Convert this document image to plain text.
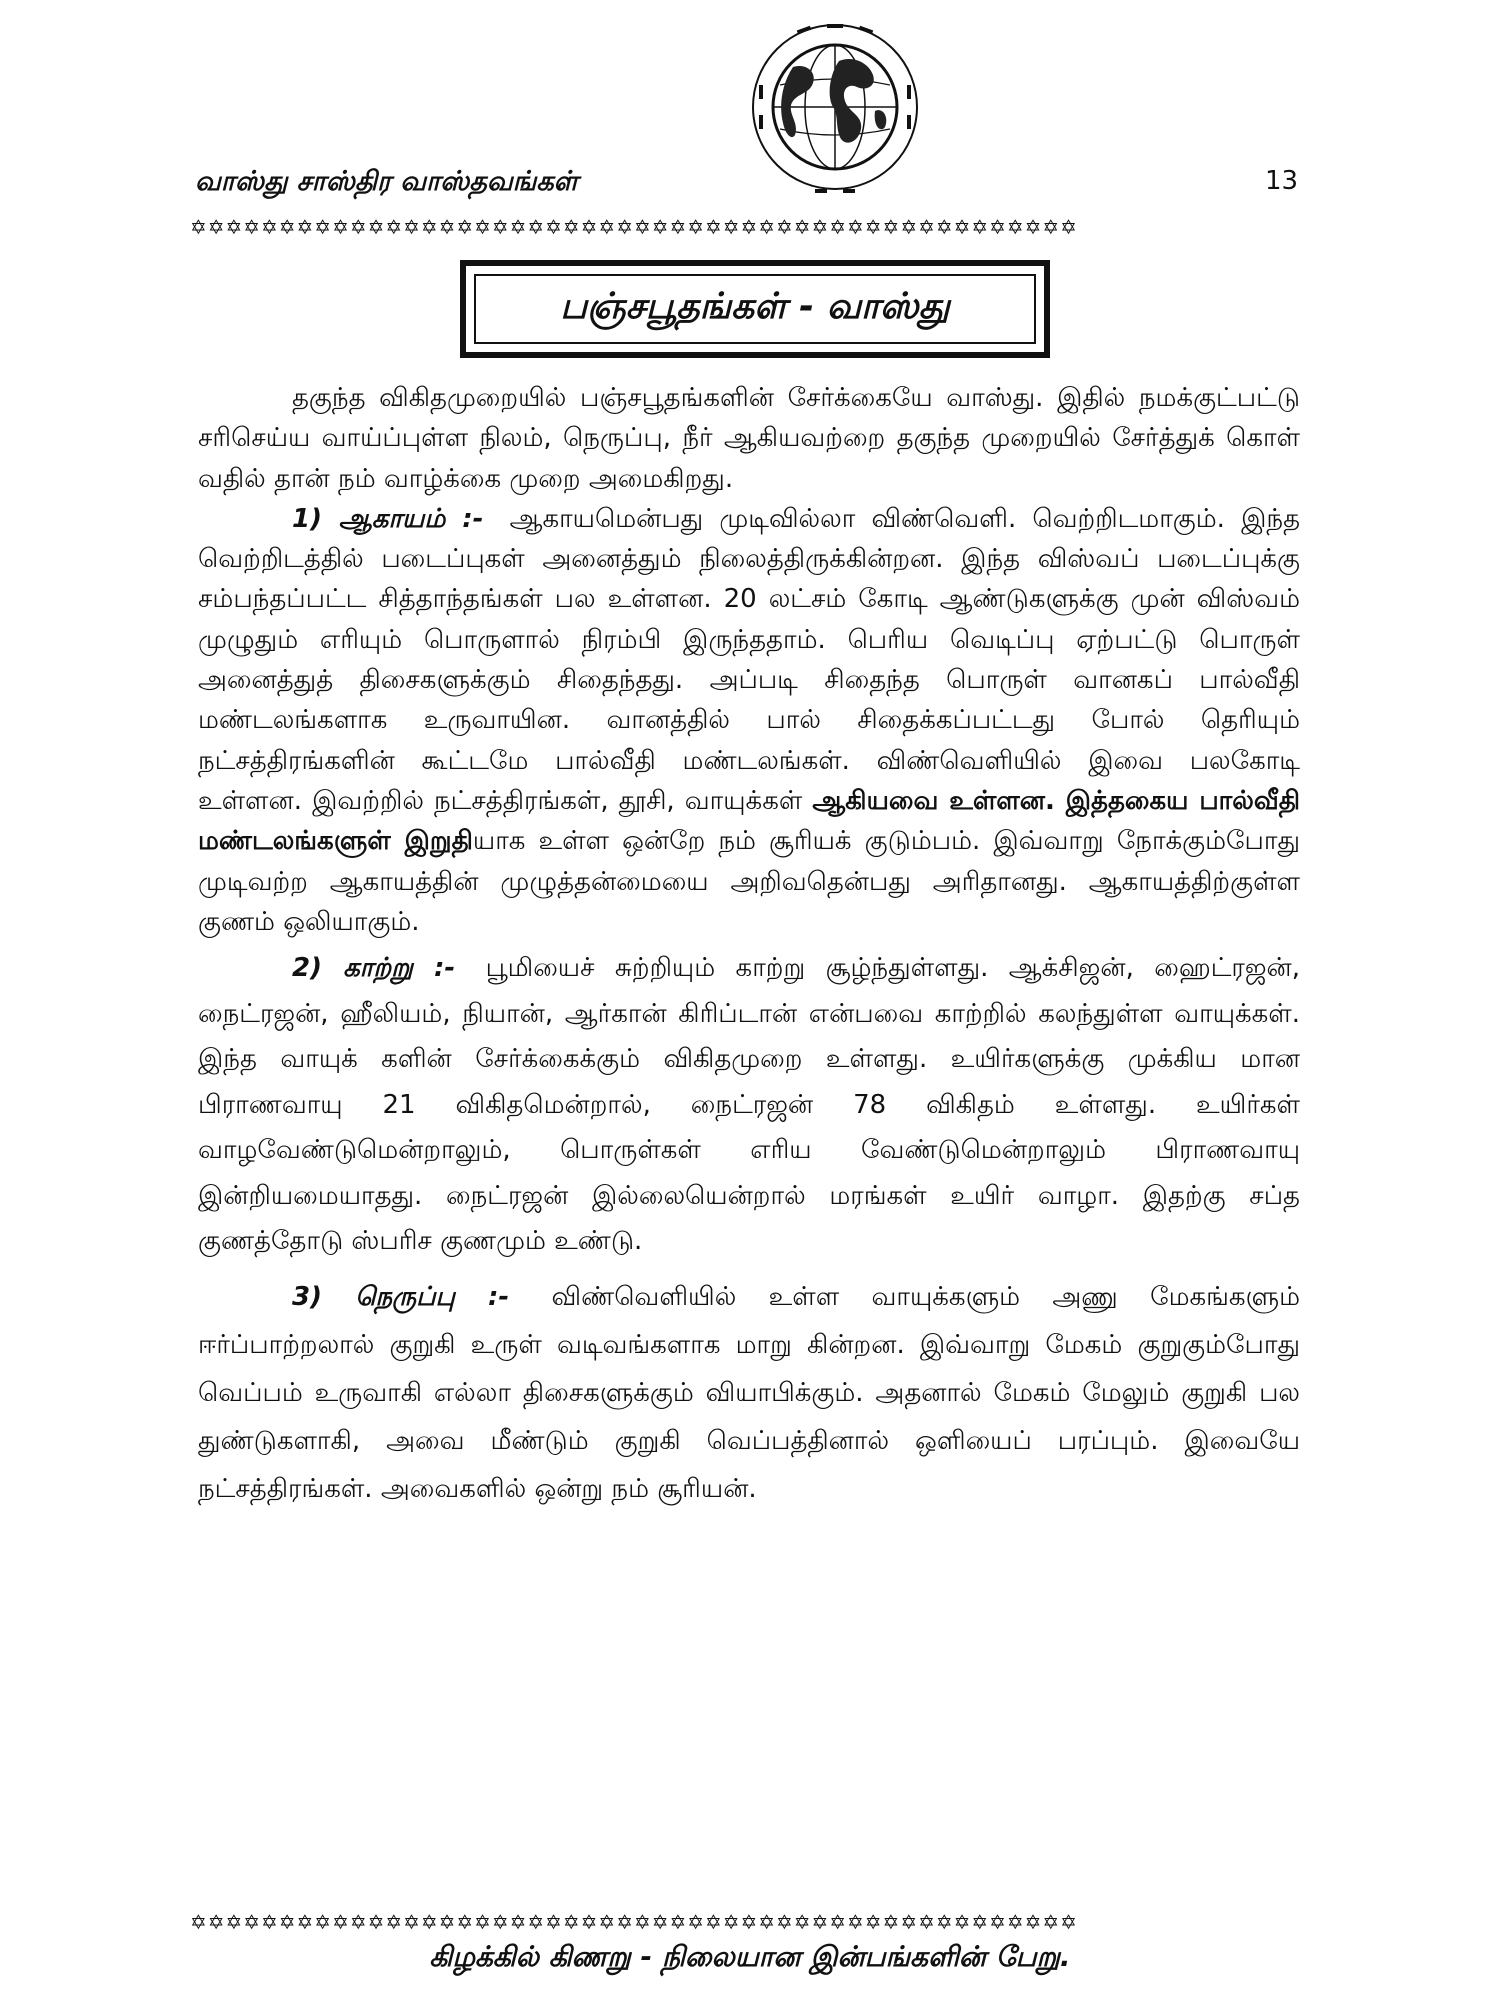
வாஸ்து சாஸ்திர வாஸ்தவங்கள்	13
✡✡✡✡✡✡✡✡✡✡✡✡✡✡✡✡✡✡✡✡✡✡✡✡✡✡✡✡✡✡✡✡✡✡✡✡✡✡✡✡✡✡✡✡✡✡✡✡✡✡
பஞ்சபூதங்கள் - வாஸ்து

தகுந்த விகிதமுறையில் பஞ்சபூதங்களின் சேர்க்கையே வாஸ்து. இதில் நமக்குட்பட்டு சரிசெய்ய வாய்ப்புள்ள நிலம், நெருப்பு, நீர் ஆகியவற்றை தகுந்த முறையில் சேர்த்துக் கொள் வதில் தான் நம் வாழ்க்கை முறை அமைகிறது.

1) ஆகாயம் :- ஆகாயமென்பது முடிவில்லா விண்வெளி. வெற்றிடமாகும். இந்த வெற்றிடத்தில் படைப்புகள் அனைத்தும் நிலைத்திருக்கின்றன. இந்த விஸ்வப் படைப்புக்கு சம்பந்தப்பட்ட சித்தாந்தங்கள் பல உள்ளன. 20 லட்சம் கோடி ஆண்டுகளுக்கு முன் விஸ்வம் முழுதும் எரியும் பொருளால் நிரம்பி இருந்ததாம். பெரிய வெடிப்பு ஏற்பட்டு பொருள் அனைத்துத் திசைகளுக்கும் சிதைந்தது. அப்படி சிதைந்த பொருள் வானகப் பால்வீதி மண்டலங்களாக உருவாயின. வானத்தில் பால் சிதைக்கப்பட்டது போல் தெரியும் நட்சத்திரங்களின் கூட்டமே பால்வீதி மண்டலங்கள். விண்வெளியில் இவை பலகோடி உள்ளன. இவற்றில் நட்சத்திரங்கள், தூசி, வாயுக்கள் ஆகியவை உள்ளன. இத்தகைய பால்வீதி மண்டலங்களுள் இறுதியாக உள்ள ஒன்றே நம் சூரியக் குடும்பம். இவ்வாறு நோக்கும்போது முடிவற்ற ஆகாயத்தின் முழுத்தன்மையை அறிவதென்பது அரிதானது. ஆகாயத்திற்குள்ள குணம் ஒலியாகும்.

2) காற்று :- பூமியைச் சுற்றியும் காற்று சூழ்ந்துள்ளது. ஆக்சிஜன், ஹைட்ரஜன், நைட்ரஜன், ஹீலியம், நியான், ஆர்கான் கிரிப்டான் என்பவை காற்றில் கலந்துள்ள வாயுக்கள். இந்த வாயுக் களின் சேர்க்கைக்கும் விகிதமுறை உள்ளது. உயிர்களுக்கு முக்கிய மான பிராணவாயு 21 விகிதமென்றால், நைட்ரஜன் 78 விகிதம் உள்ளது. உயிர்கள் வாழவேண்டுமென்றாலும், பொருள்கள் எரிய வேண்டுமென்றாலும் பிராணவாயு இன்றியமையாதது. நைட்ரஜன் இல்லையென்றால் மரங்கள் உயிர் வாழா. இதற்கு சப்த குணத்தோடு ஸ்பரிச குணமும் உண்டு.

3) நெருப்பு :- விண்வெளியில் உள்ள வாயுக்களும் அணு மேகங்களும் ஈர்ப்பாற்றலால் குறுகி உருள் வடிவங்களாக மாறு கின்றன. இவ்வாறு மேகம் குறுகும்போது வெப்பம் உருவாகி எல்லா திசைகளுக்கும் வியாபிக்கும். அதனால் மேகம் மேலும் குறுகி பல துண்டுகளாகி, அவை மீண்டும் குறுகி வெப்பத்தினால் ஒளியைப் பரப்பும். இவையே நட்சத்திரங்கள். அவைகளில் ஒன்று நம் சூரியன்.

✡✡✡✡✡✡✡✡✡✡✡✡✡✡✡✡✡✡✡✡✡✡✡✡✡✡✡✡✡✡✡✡✡✡✡✡✡✡✡✡✡✡✡✡✡✡✡✡✡✡
கிழக்கில் கிணறு - நிலையான இன்பங்களின் பேறு.
